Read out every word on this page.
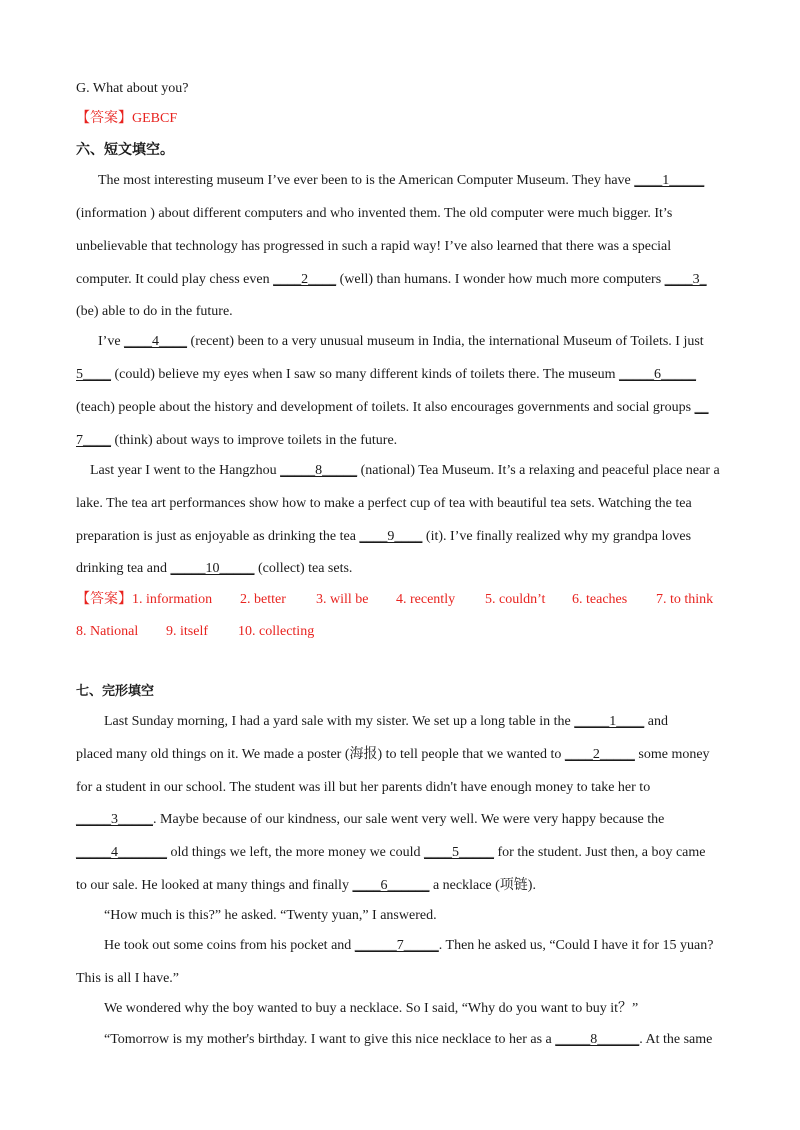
G. What about you?
【答案】GEBCF
六、短文填空。
The most interesting museum I’ve ever been to is the American Computer Museum. They have ____1_____
(information ) about different computers and who invented them. The old computer were much bigger. It’s
unbelievable that technology has progressed in such a rapid way! I’ve also learned that there was a special
computer. It could play chess even ____2____ (well) than humans. I wonder how much more computers ____3_
(be) able to do in the future.
I’ve ____4____ (recent) been to a very unusual museum in India, the international Museum of Toilets. I just
5____ (could) believe my eyes when I saw so many different kinds of toilets there. The museum _____6_____
(teach) people about the history and development of toilets. It also encourages governments and social groups __
7____ (think) about ways to improve toilets in the future.
Last year I went to the Hangzhou _____8_____ (national) Tea Museum. It’s a relaxing and peaceful place near a
lake. The tea art performances show how to make a perfect cup of tea with beautiful tea sets. Watching the tea
preparation is just as enjoyable as drinking the tea ____9____ (it). I’ve finally realized why my grandpa loves
drinking tea and _____10_____ (collect) tea sets.
【答案】1. information 2. better 3. will be 4. recently 5. couldn’t 6. teaches 7. to think
8. National 9. itself 10. collecting
七、完形填空
Last Sunday morning, I had a yard sale with my sister. We set up a long table in the _____1____ and
placed many old things on it. We made a poster (海报) to tell people that we wanted to ____2_____ some money
for a student in our school. The student was ill but her parents didn't have enough money to take her to
_____3_____. Maybe because of our kindness, our sale went very well. We were very happy because the
_____4_______ old things we left, the more money we could ____5_____ for the student. Just then, a boy came
to our sale. He looked at many things and finally ____6______ a necklace (项链).
“How much is this?” he asked. “Twenty yuan,” I answered.
He took out some coins from his pocket and ______7_____. Then he asked us, “Could I have it for 15 yuan?
This is all I have.”
We wondered why the boy wanted to buy a necklace. So I said, “Why do you want to buy it？”
“Tomorrow is my mother's birthday. I want to give this nice necklace to her as a _____8______. At the same
